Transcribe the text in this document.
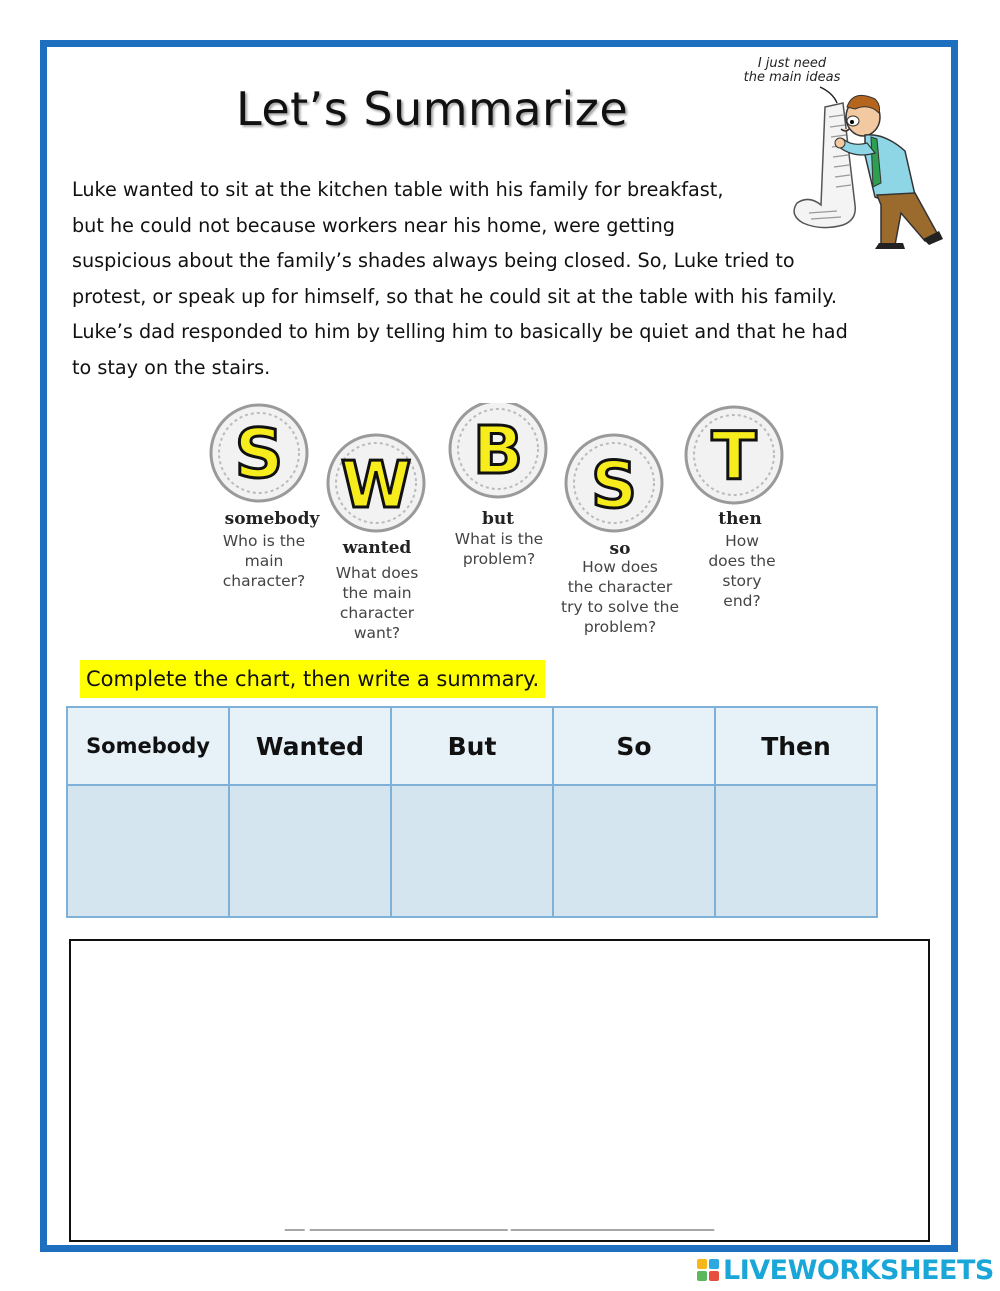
Let’s Summarize
I just need
the main ideas
Luke wanted to sit at the kitchen table with his family for breakfast,
but he could not because workers near his home, were getting
suspicious about the family’s shades always being closed. So, Luke tried to
protest, or speak up for himself, so that he could sit at the table with his family.
Luke’s dad responded to him by telling him to basically be quiet and that he had
to stay on the stairs.
S W B S T
somebody
Who is the
main
character?
wanted
What does
the main
character
want?
but
What is the
problem?	so
How does
the character
try to solve the
problem?
then
How
does the
story
end?
Complete the chart, then write a summary.
Somebody	Wanted	But	So	Then

LIVEWORKSHEETS
